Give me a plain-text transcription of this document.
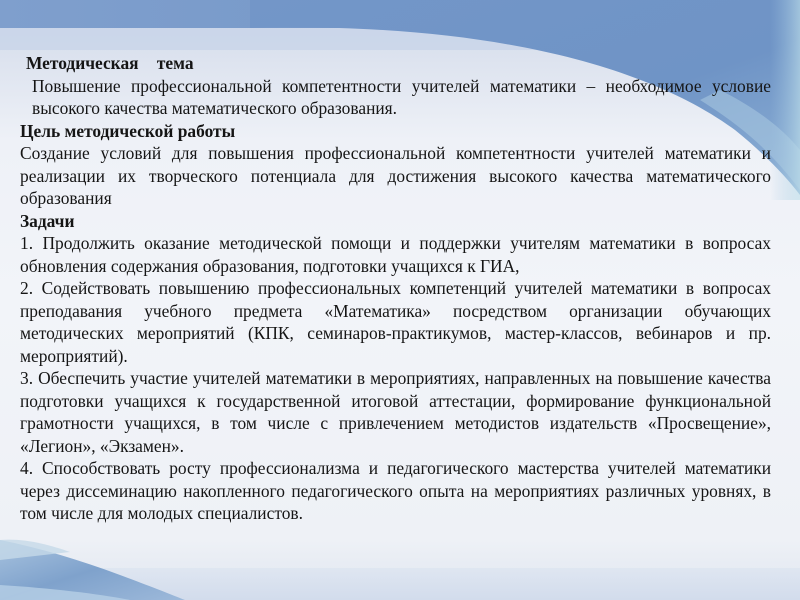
Методическая тема

Повышение профессиональной компетентности учителей математики – необходимое условие высокого качества математического образования.

Цель методической работы

Создание условий для повышения профессиональной компетентности учителей математики и реализации их творческого потенциала для достижения высокого качества математического образования

Задачи

1. Продолжить оказание методической помощи и поддержки учителям математики в вопросах обновления содержания образования, подготовки учащихся к ГИА,

2. Содействовать повышению профессиональных компетенций учителей математики в вопросах преподавания учебного предмета «Математика» посредством организации обучающих методических мероприятий (КПК, семинаров-практикумов, мастер-классов, вебинаров и пр. мероприятий).

3. Обеспечить участие учителей математики в мероприятиях, направленных на повышение качества подготовки учащихся к государственной итоговой аттестации, формирование функциональной грамотности учащихся, в том числе с привлечением методистов издательств «Просвещение», «Легион», «Экзамен».

4. Способствовать росту профессионализма и педагогического мастерства учителей математики через диссеминацию накопленного педагогического опыта на мероприятиях различных уровнях, в том числе для молодых специалистов.
